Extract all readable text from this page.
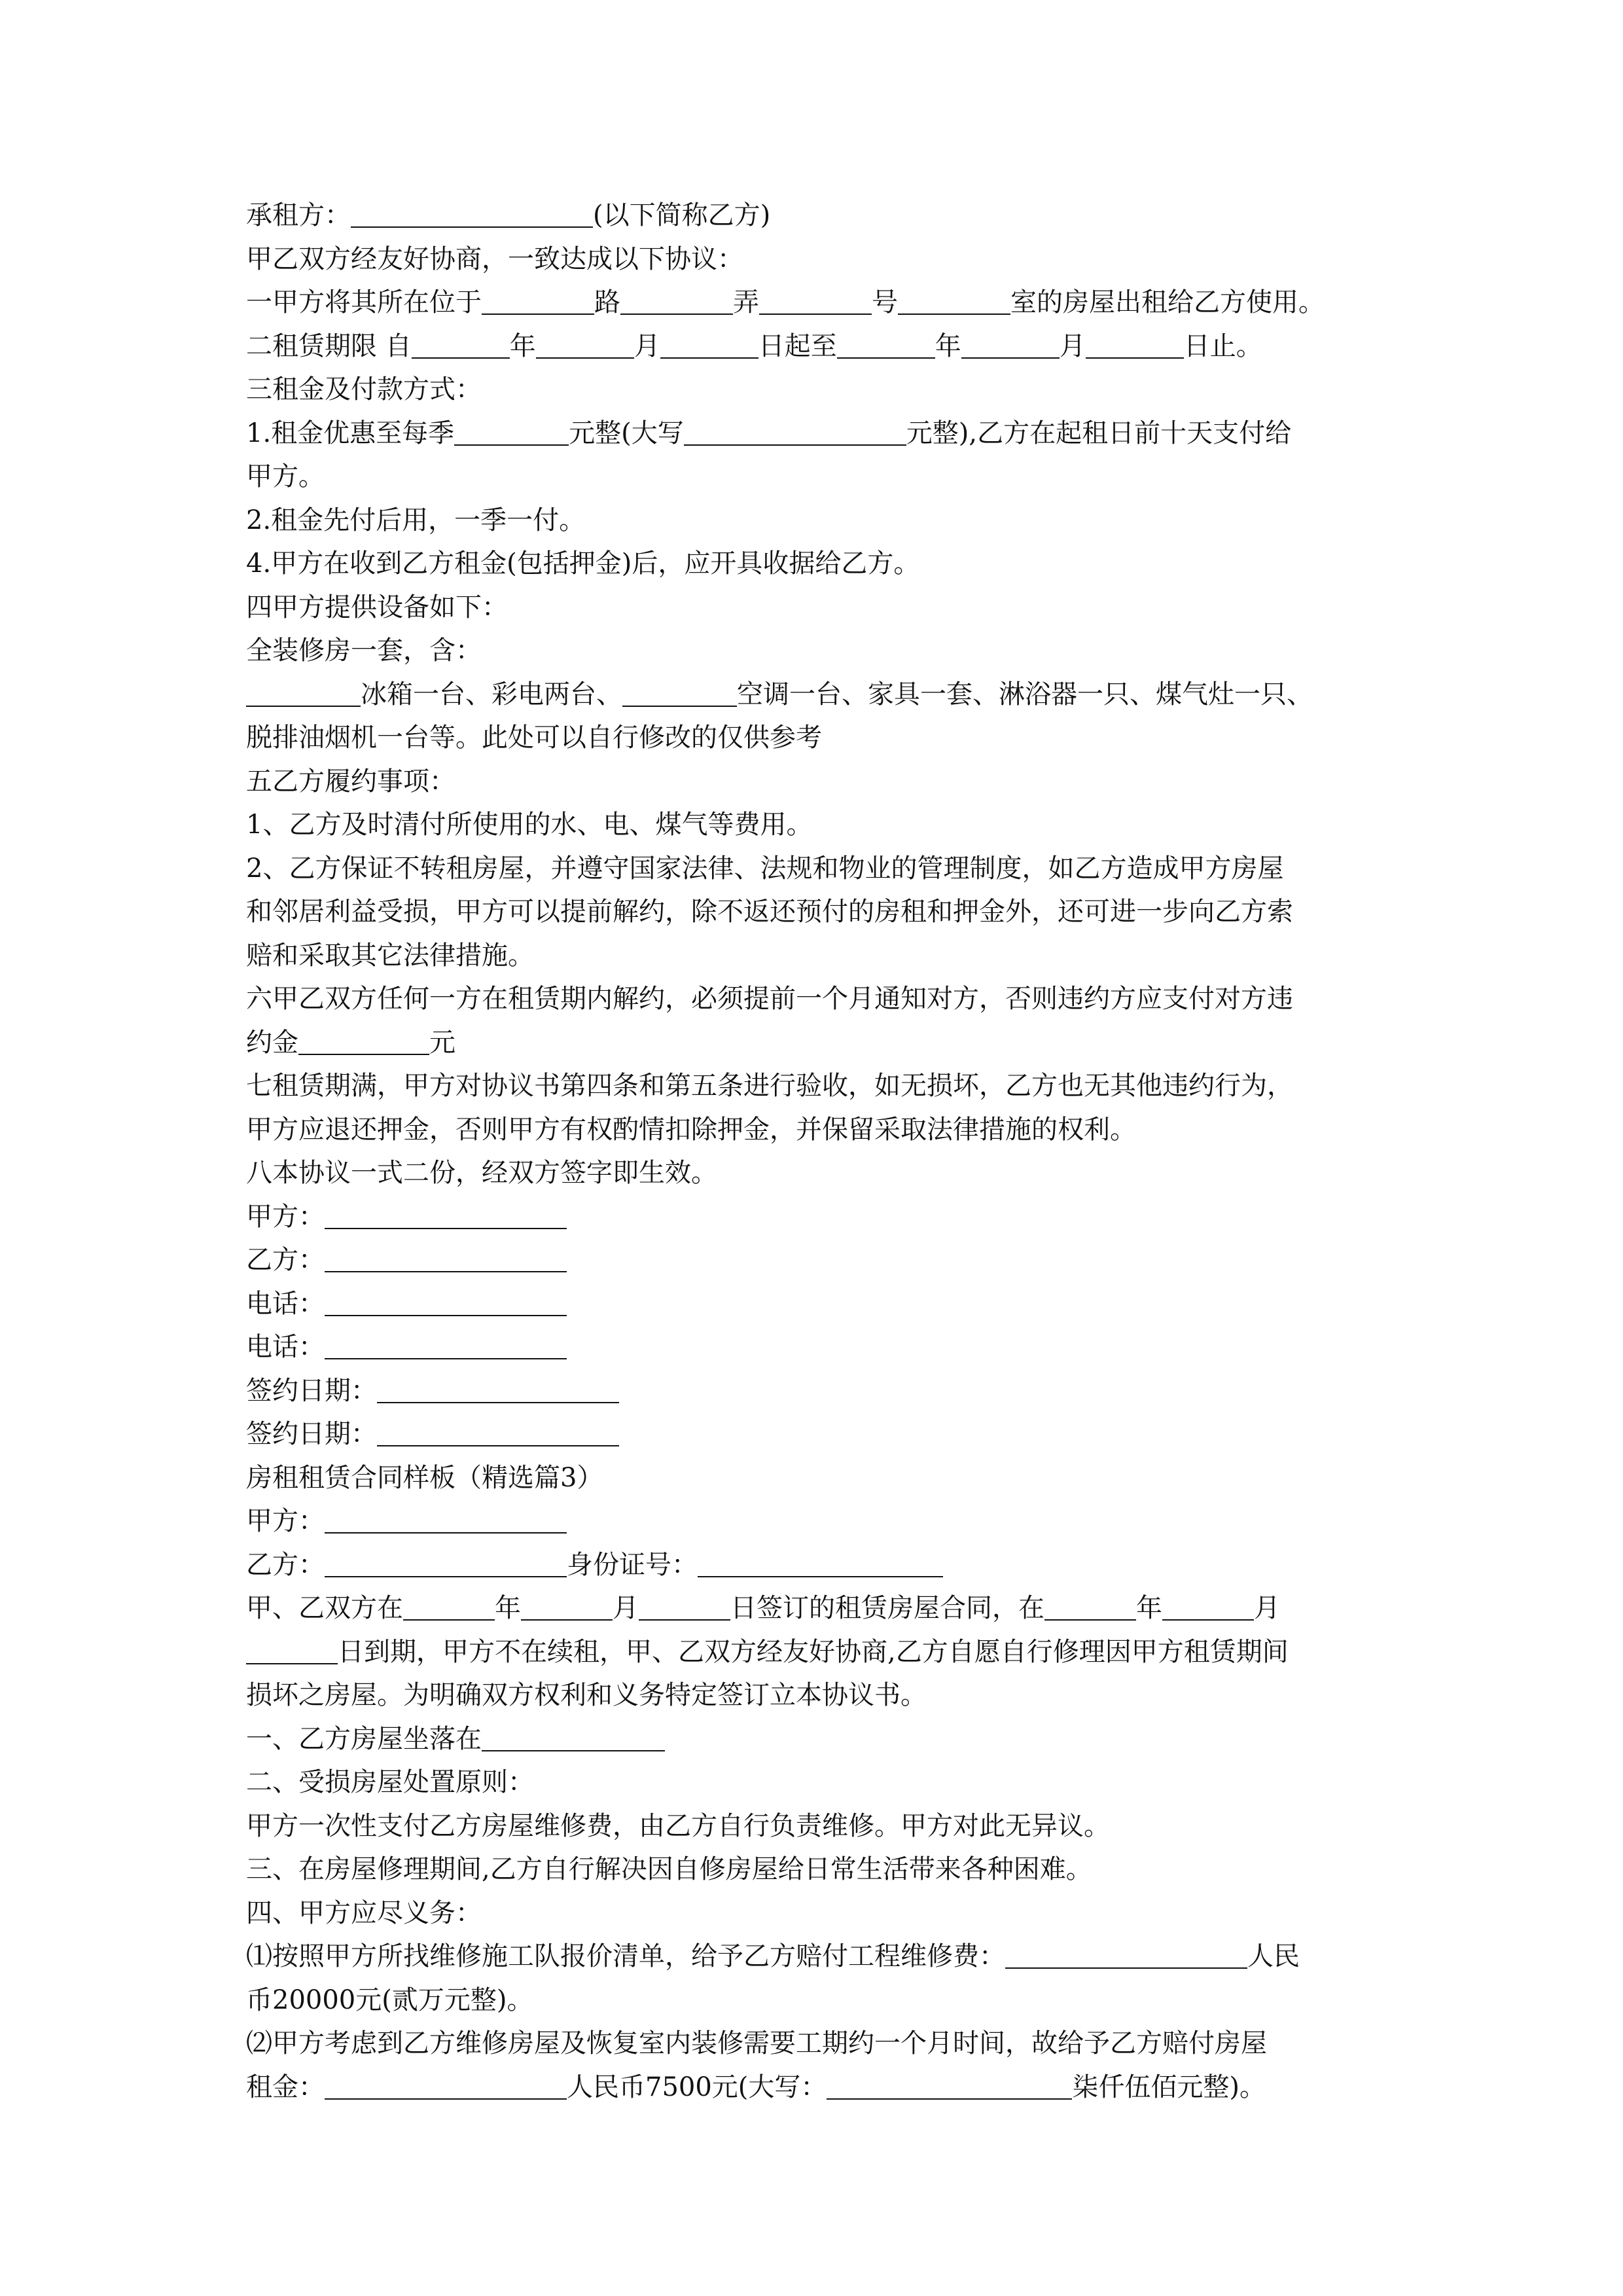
承租方：	(以下简称乙方)
甲乙双方经友好协商，一致达成以下协议：
一甲方将其所在位于	路	弄	号	室的房屋出租给乙方使用。
二租赁期限 自	年	月	日起至	年	月	日止。
三租金及付款方式：
1.租金优惠至每季	元整(大写	元整),乙方在起租日前十天支付给
甲方。
2.租金先付后用，一季一付。
4.甲方在收到乙方租金(包括押金)后，应开具收据给乙方。
四甲方提供设备如下：
全装修房一套，含：
冰箱一台、彩电两台、	空调一台、家具一套、淋浴器一只、煤气灶一只、
脱排油烟机一台等。此处可以自行修改的仅供参考
五乙方履约事项：
1、乙方及时清付所使用的水、电、煤气等费用。
2、乙方保证不转租房屋，并遵守国家法律、法规和物业的管理制度，如乙方造成甲方房屋
和邻居利益受损，甲方可以提前解约，除不返还预付的房租和押金外，还可进一步向乙方索
赔和采取其它法律措施。
六甲乙双方任何一方在租赁期内解约，必须提前一个月通知对方，否则违约方应支付对方违
约金	元
七租赁期满，甲方对协议书第四条和第五条进行验收，如无损坏，乙方也无其他违约行为，
甲方应退还押金，否则甲方有权酌情扣除押金，并保留采取法律措施的权利。
八本协议一式二份，经双方签字即生效。
甲方：
乙方：
电话：
电话：
签约日期：
签约日期：
房租租赁合同样板（精选篇3）
甲方：
乙方：	身份证号：
甲、乙双方在	年	月	日签订的租赁房屋合同，在	年	月
日到期，甲方不在续租，甲、乙双方经友好协商,乙方自愿自行修理因甲方租赁期间
损坏之房屋。为明确双方权利和义务特定签订立本协议书。
一、乙方房屋坐落在
二、受损房屋处置原则：
甲方一次性支付乙方房屋维修费，由乙方自行负责维修。甲方对此无异议。
三、在房屋修理期间,乙方自行解决因自修房屋给日常生活带来各种困难。
四、甲方应尽义务：
⑴按照甲方所找维修施工队报价清单，给予乙方赔付工程维修费：	人民
币20000元(贰万元整)。
⑵甲方考虑到乙方维修房屋及恢复室内装修需要工期约一个月时间，故给予乙方赔付房屋
租金：	人民币7500元(大写：	柒仟伍佰元整)。
